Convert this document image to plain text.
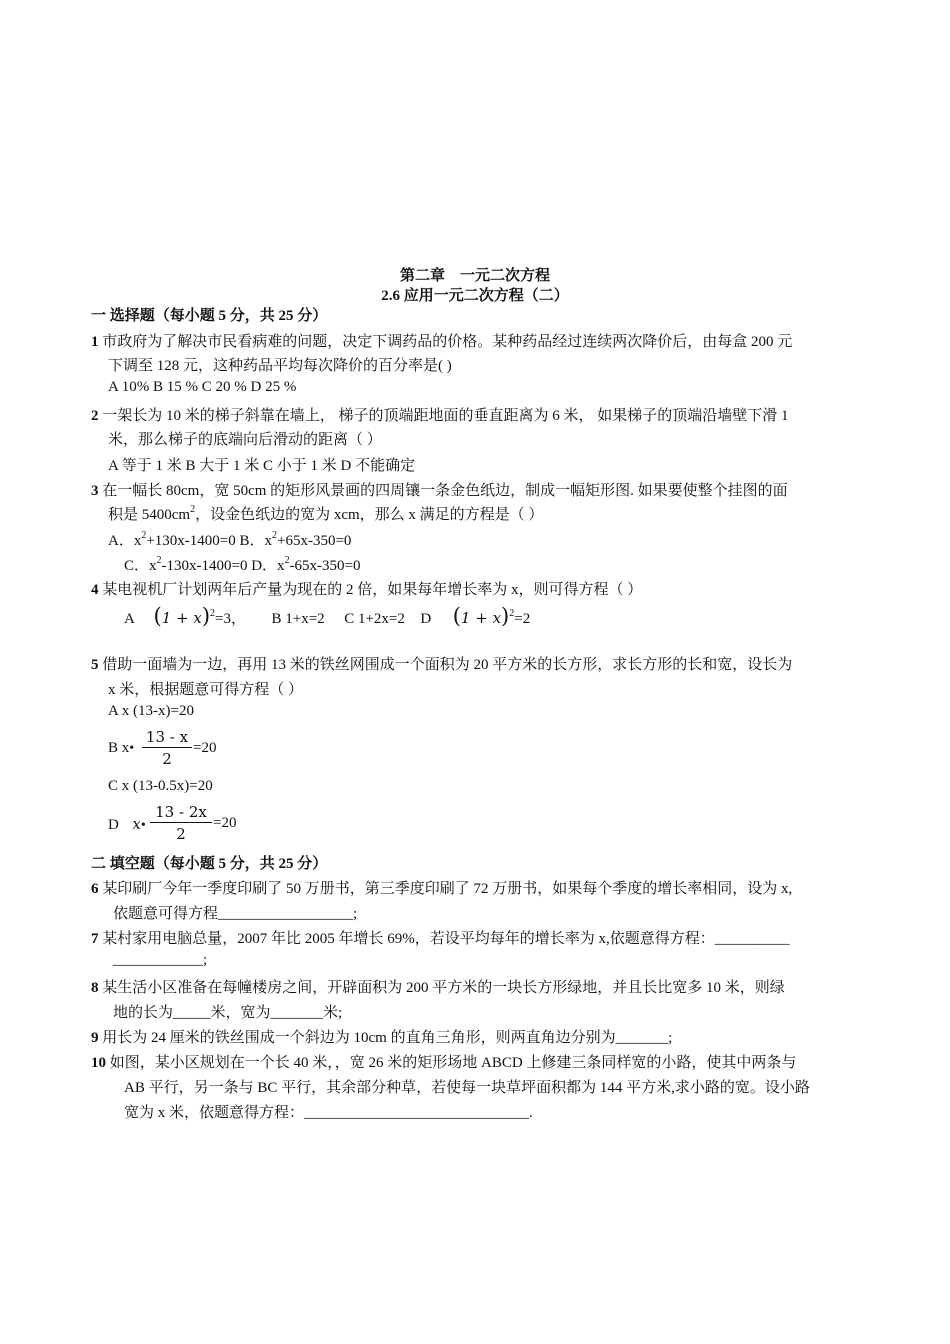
第二章　一元二次方程
2.6 应用一元二次方程（二）
一 选择题（每小题 5 分，共 25 分）
1 市政府为了解决市民看病难的问题，决定下调药品的价格。某种药品经过连续两次降价后，由每盒 200 元
下调至 128 元，这种药品平均每次降价的百分率是( )
A 10% B 15 % C 20 % D 25 %
2 一架长为 10 米的梯子斜靠在墙上， 梯子的顶端距地面的垂直距离为 6 米， 如果梯子的顶端沿墙壁下滑 1
米，那么梯子的底端向后滑动的距离（ ）
A 等于 1 米 B 大于 1 米 C 小于 1 米 D 不能确定
3 在一幅长 80cm，宽 50cm 的矩形风景画的四周镶一条金色纸边，制成一幅矩形图. 如果要使整个挂图的面
积是 $5400cm^2$，设金色纸边的宽为 xcm，那么 x 满足的方程是（ ）
A．$x^2+130x-1400=0$ B．$x^2+65x-350=0$
C．$x^2-130x-1400=0$ D．$x^2-65x-350=0$
4 某电视机厂计划两年后产量为现在的 2 倍，如果每年增长率为 x，则可得方程（ ）
A $(1 + x)^2=3$， B 1+x=2 C 1+2x=2 D $(1 + x)^2=2$
5 借助一面墙为一边，再用 13 米的铁丝网围成一个面积为 20 平方米的长方形，求长方形的长和宽，设长为
x 米，根据题意可得方程（ ）
A x (13-x)=20
B x•
13 - x
2
=20
C x (13-0.5x)=20
D x•
13 - 2x
2
=20
二 填空题（每小题 5 分，共 25 分）
6 某印刷厂今年一季度印刷了 50 万册书，第三季度印刷了 72 万册书，如果每个季度的增长率相同，设为 x,
依题意可得方程__________________;
7 某村家用电脑总量，2007 年比 2005 年增长 69%，若设平均每年的增长率为 x,依题意得方程：__________
____________;
8 某生活小区准备在每幢楼房之间，开辟面积为 200 平方米的一块长方形绿地，并且长比宽多 10 米，则绿
地的长为_____米，宽为_______米;
9 用长为 24 厘米的铁丝围成一个斜边为 10cm 的直角三角形，则两直角边分别为_______;
10 如图，某小区规划在一个长 40 米，，宽 26 米的矩形场地 ABCD 上修建三条同样宽的小路，使其中两条与
AB 平行，另一条与 BC 平行，其余部分种草，若使每一块草坪面积都为 144 平方米,求小路的宽。设小路
宽为 x 米，依题意得方程：______________________________.
